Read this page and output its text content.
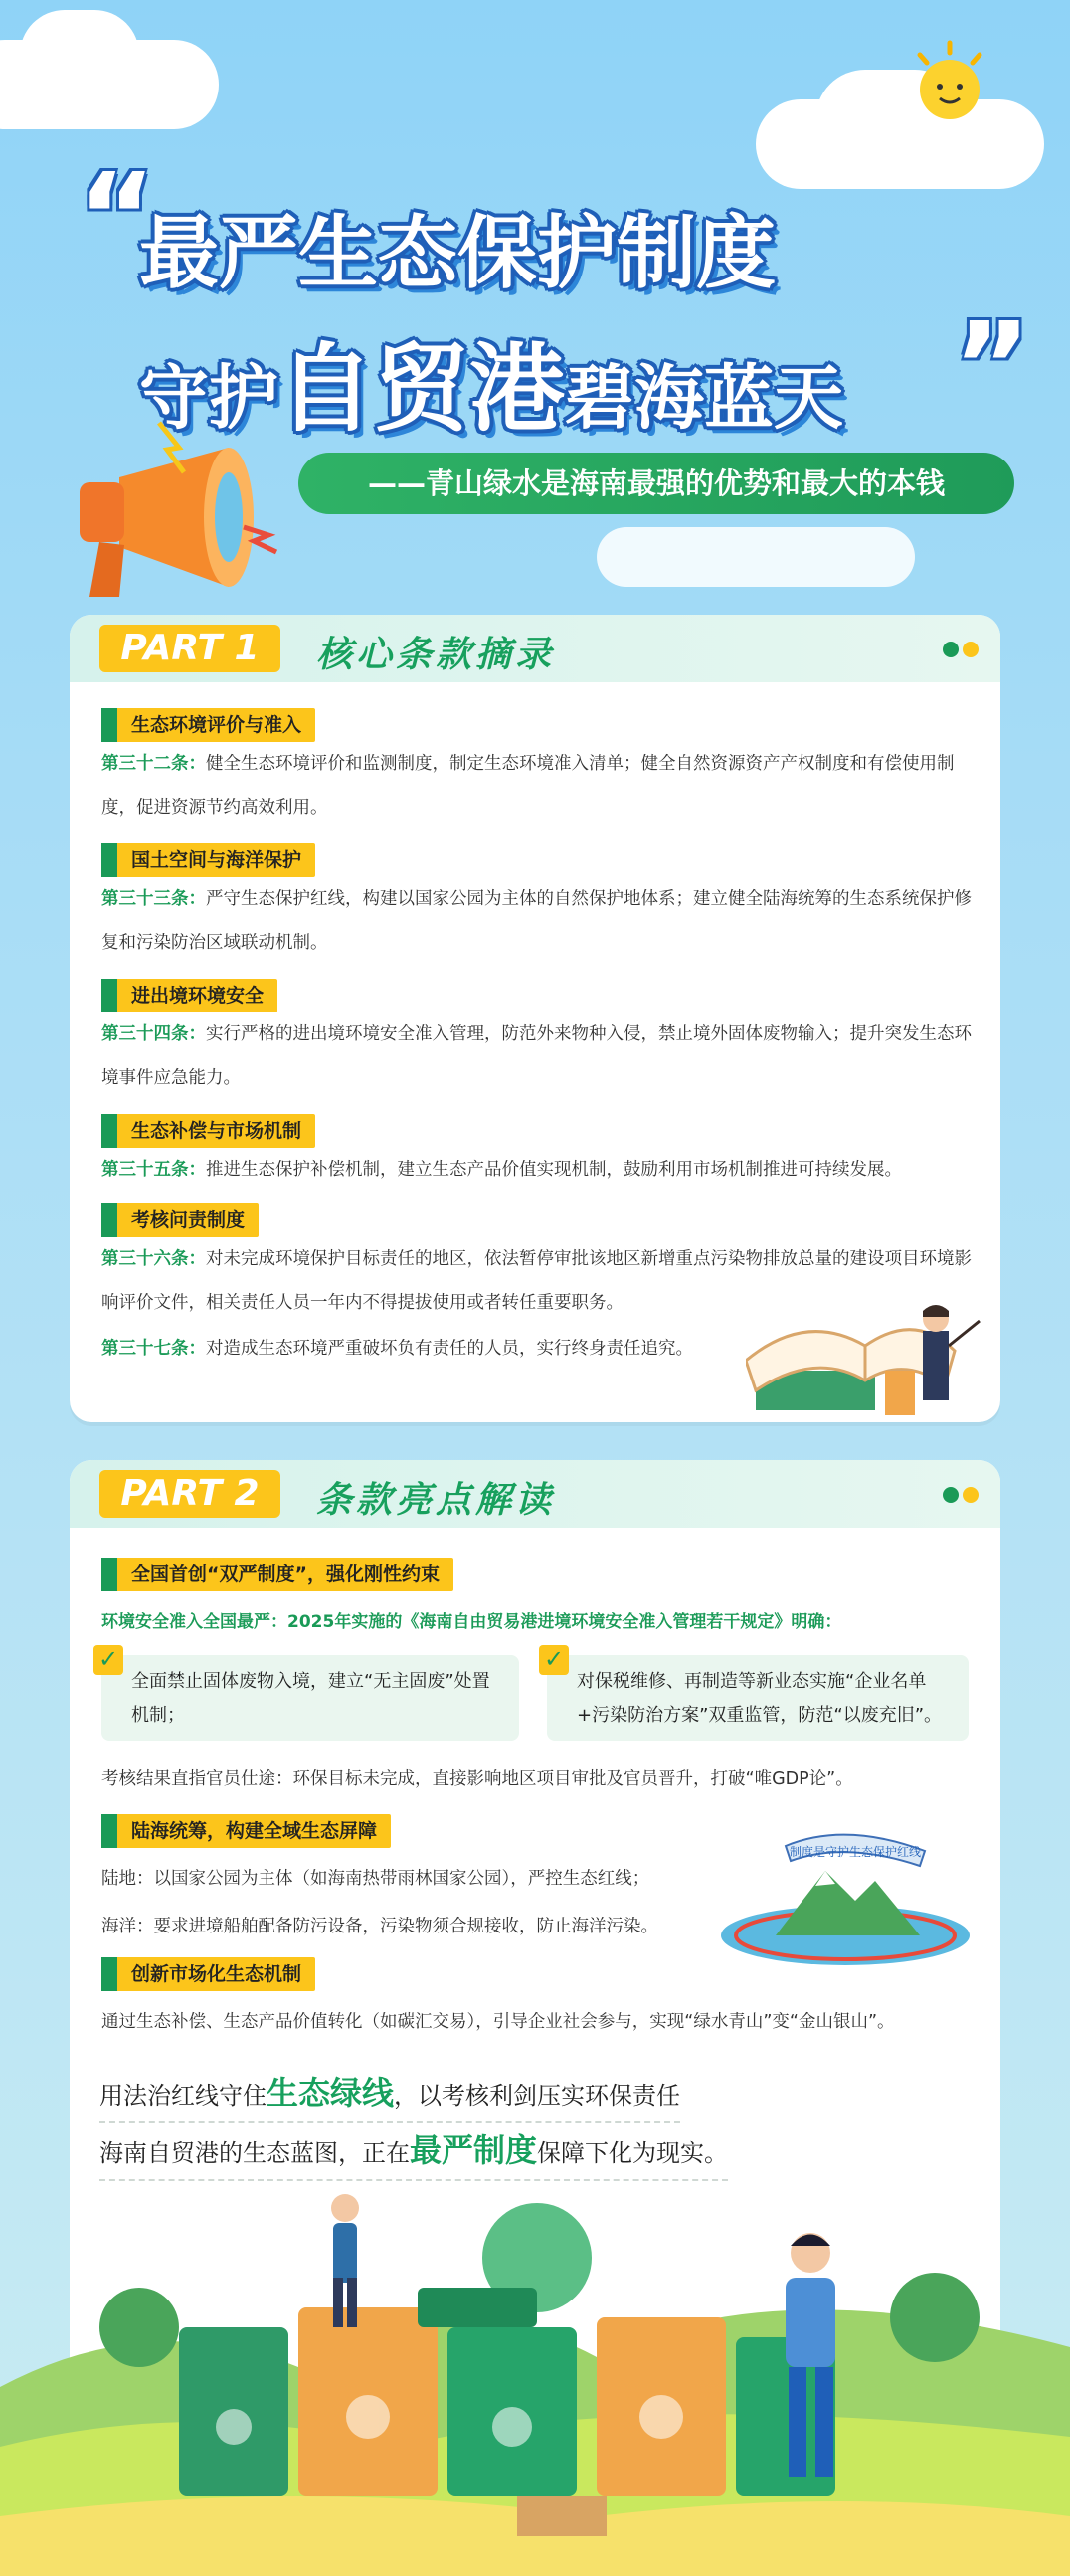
“
最严生态保护制度
守护自贸港碧海蓝天 ”
——青山绿水是海南最强的优势和最大的本钱
PART 1	核心条款摘录
生态环境评价与准入
第三十二条：健全生态环境评价和监测制度，制定生态环境准入清单；健全自然资源资产产权制度和有偿使用制度，促进资源节约高效利用。
国土空间与海洋保护
第三十三条：严守生态保护红线，构建以国家公园为主体的自然保护地体系；建立健全陆海统筹的生态系统保护修复和污染防治区域联动机制。
进出境环境安全
第三十四条：实行严格的进出境环境安全准入管理，防范外来物种入侵，禁止境外固体废物输入；提升突发生态环境事件应急能力。
生态补偿与市场机制
第三十五条：推进生态保护补偿机制，建立生态产品价值实现机制，鼓励利用市场机制推进可持续发展。
考核问责制度
第三十六条：对未完成环境保护目标责任的地区，依法暂停审批该地区新增重点污染物排放总量的建设项目环境影响评价文件，相关责任人员一年内不得提拔使用或者转任重要职务。
第三十七条：对造成生态环境严重破坏负有责任的人员，实行终身责任追究。
PART 2	条款亮点解读
全国首创“双严制度”，强化刚性约束
环境安全准入全国最严：2025年实施的《海南自由贸易港进境环境安全准入管理若干规定》明确：
✓
全面禁止固体废物入境，建立“无主固废”处置机制；
✓
对保税维修、再制造等新业态实施“企业名单+污染防治方案”双重监管，防范“以废充旧”。
考核结果直指官员仕途：环保目标未完成，直接影响地区项目审批及官员晋升，打破“唯GDP论”。
陆海统筹，构建全域生态屏障
陆地：以国家公园为主体（如海南热带雨林国家公园），严控生态红线；
海洋：要求进境船舶配备防污设备，污染物须合规接收，防止海洋污染。
制度是守护生态保护红线
创新市场化生态机制
通过生态补偿、生态产品价值转化（如碳汇交易），引导企业社会参与，实现“绿水青山”变“金山银山”。
用法治红线守住生态绿线，以考核利剑压实环保责任
海南自贸港的生态蓝图，正在最严制度保障下化为现实。
